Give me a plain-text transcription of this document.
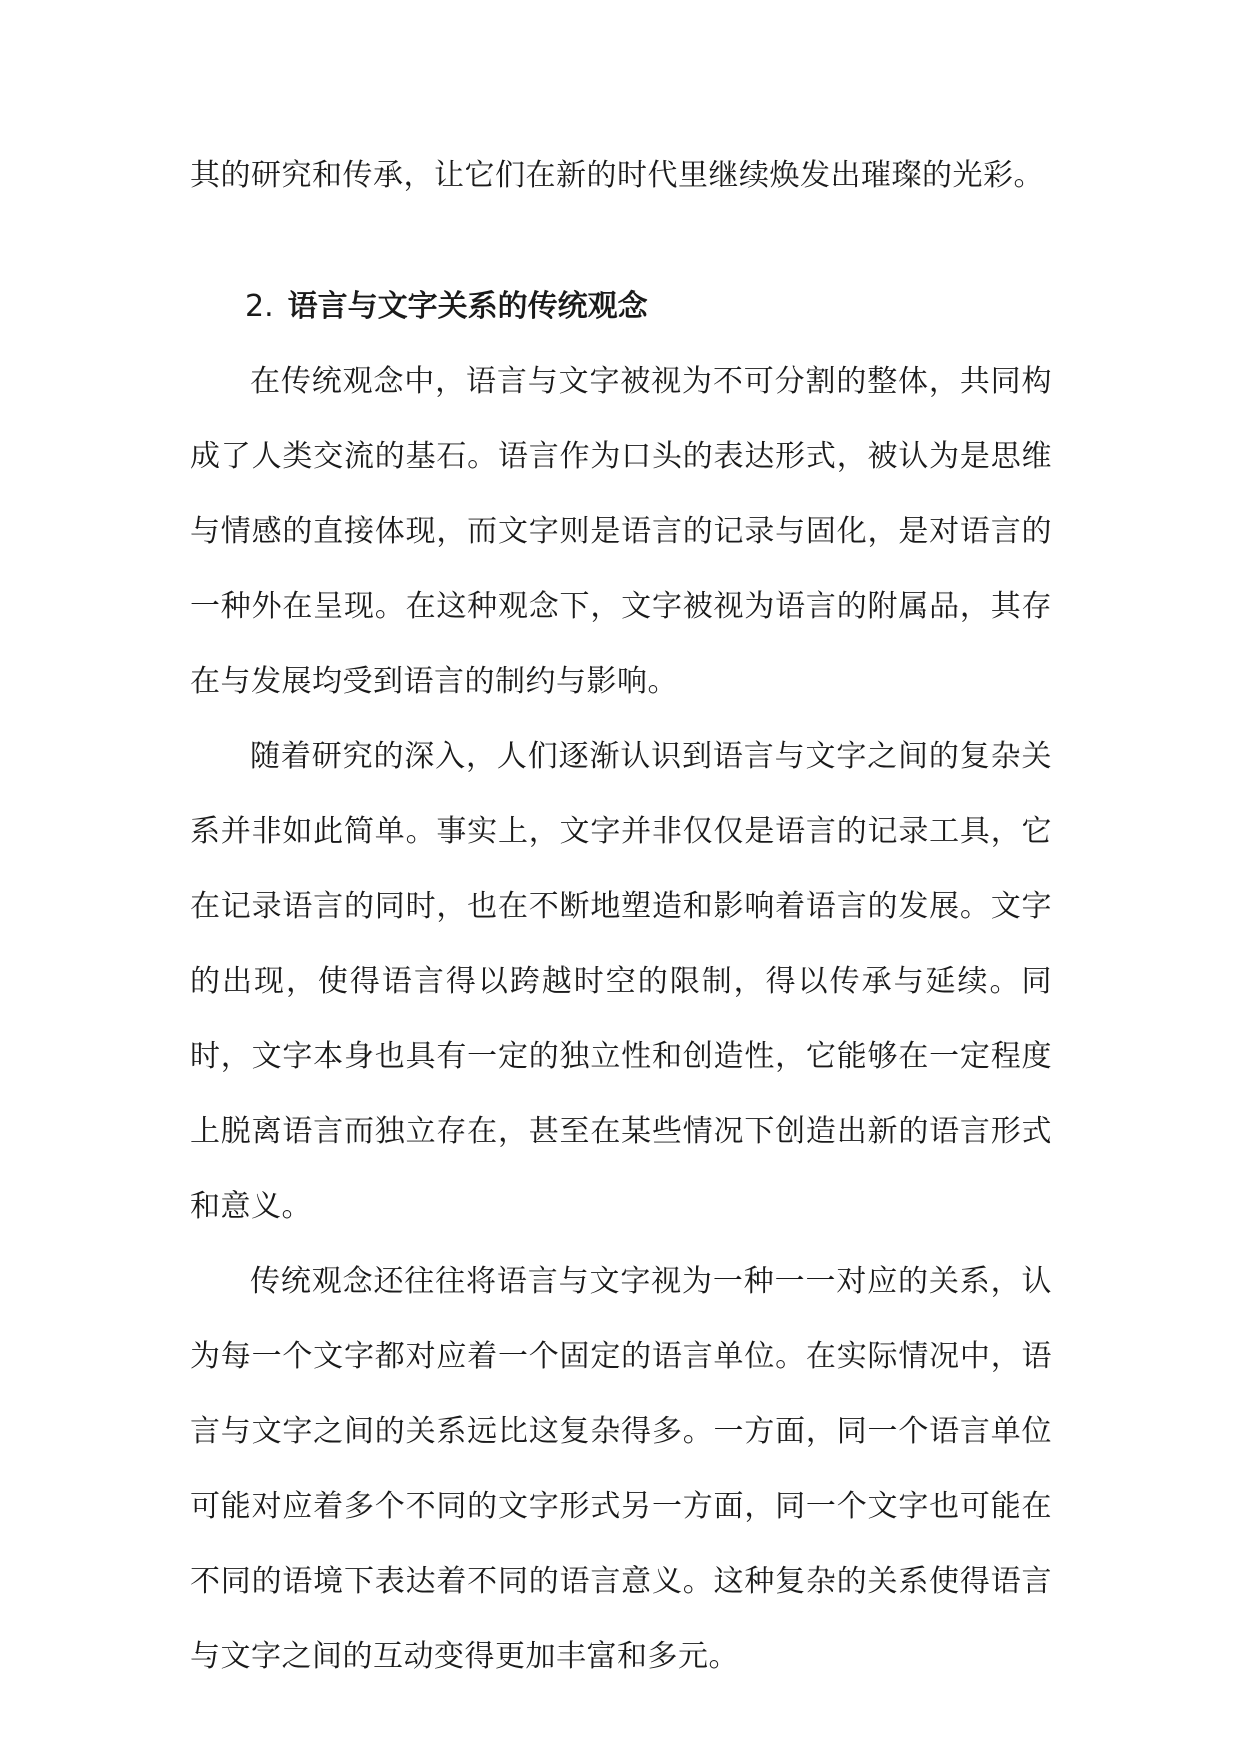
其的研究和传承，让它们在新的时代里继续焕发出璀璨的光彩。

2. 语言与文字关系的传统观念

在传统观念中，语言与文字被视为不可分割的整体，共同构成了人类交流的基石。语言作为口头的表达形式，被认为是思维与情感的直接体现，而文字则是语言的记录与固化，是对语言的一种外在呈现。在这种观念下，文字被视为语言的附属品，其存在与发展均受到语言的制约与影响。

随着研究的深入，人们逐渐认识到语言与文字之间的复杂关系并非如此简单。事实上，文字并非仅仅是语言的记录工具，它在记录语言的同时，也在不断地塑造和影响着语言的发展。文字的出现，使得语言得以跨越时空的限制，得以传承与延续。同时，文字本身也具有一定的独立性和创造性，它能够在一定程度上脱离语言而独立存在，甚至在某些情况下创造出新的语言形式和意义。

传统观念还往往将语言与文字视为一种一一对应的关系，认为每一个文字都对应着一个固定的语言单位。在实际情况中，语言与文字之间的关系远比这复杂得多。一方面，同一个语言单位可能对应着多个不同的文字形式另一方面，同一个文字也可能在不同的语境下表达着不同的语言意义。这种复杂的关系使得语言与文字之间的互动变得更加丰富和多元。
